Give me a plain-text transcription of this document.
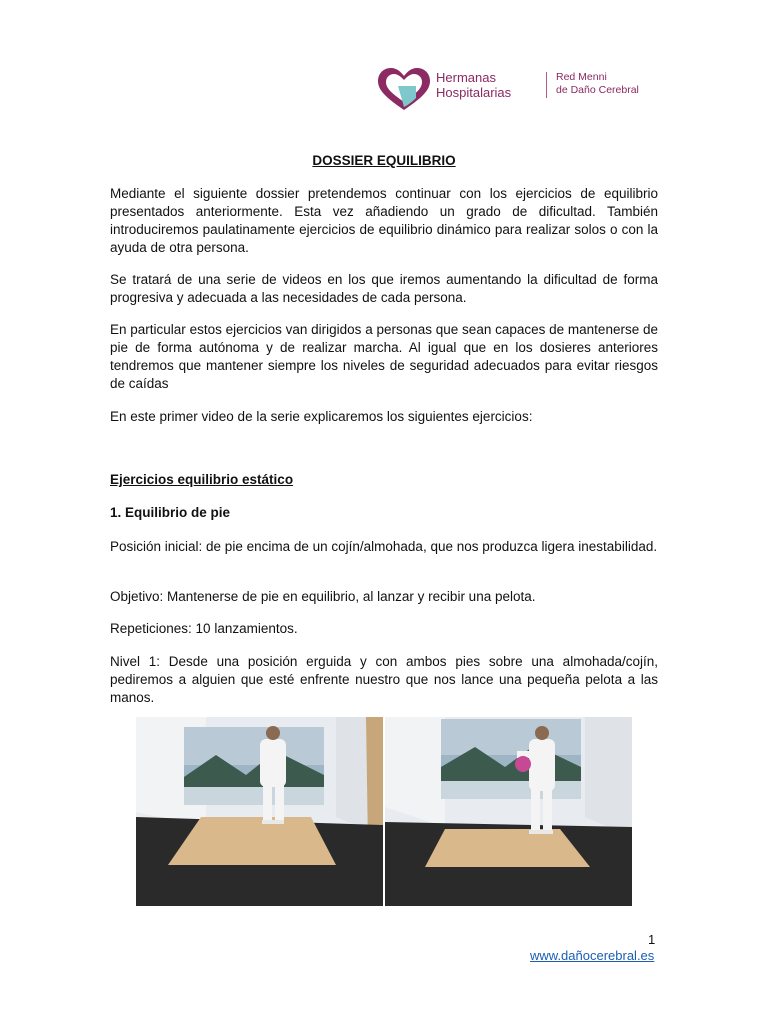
Hermanas
Hospitalarias
Red Menni
de Daño Cerebral
DOSSIER EQUILIBRIO

Mediante el siguiente dossier pretendemos continuar con los ejercicios de equilibrio presentados anteriormente. Esta vez añadiendo un grado de dificultad. También introduciremos paulatinamente ejercicios de equilibrio dinámico para realizar solos o con la ayuda de otra persona.

Se tratará de una serie de videos en los que iremos aumentando la dificultad de forma progresiva y adecuada a las necesidades de cada persona.

En particular estos ejercicios van dirigidos a personas que sean capaces de mantenerse de pie de forma autónoma y de realizar marcha. Al igual que en los dosieres anteriores tendremos que mantener siempre los niveles de seguridad adecuados para evitar riesgos de caídas

En este primer video de la serie explicaremos los siguientes ejercicios:

Ejercicios equilibrio estático
1. Equilibrio de pie

Posición inicial: de pie encima de un cojín/almohada, que nos produzca ligera inestabilidad.

Objetivo: Mantenerse de pie en equilibrio, al lanzar y recibir una pelota.

Repeticiones: 10 lanzamientos.

Nivel 1: Desde una posición erguida y con ambos pies sobre una almohada/cojín, pediremos a alguien que esté enfrente nuestro que nos lance una pequeña pelota a las manos.

1
www.dañocerebral.es
